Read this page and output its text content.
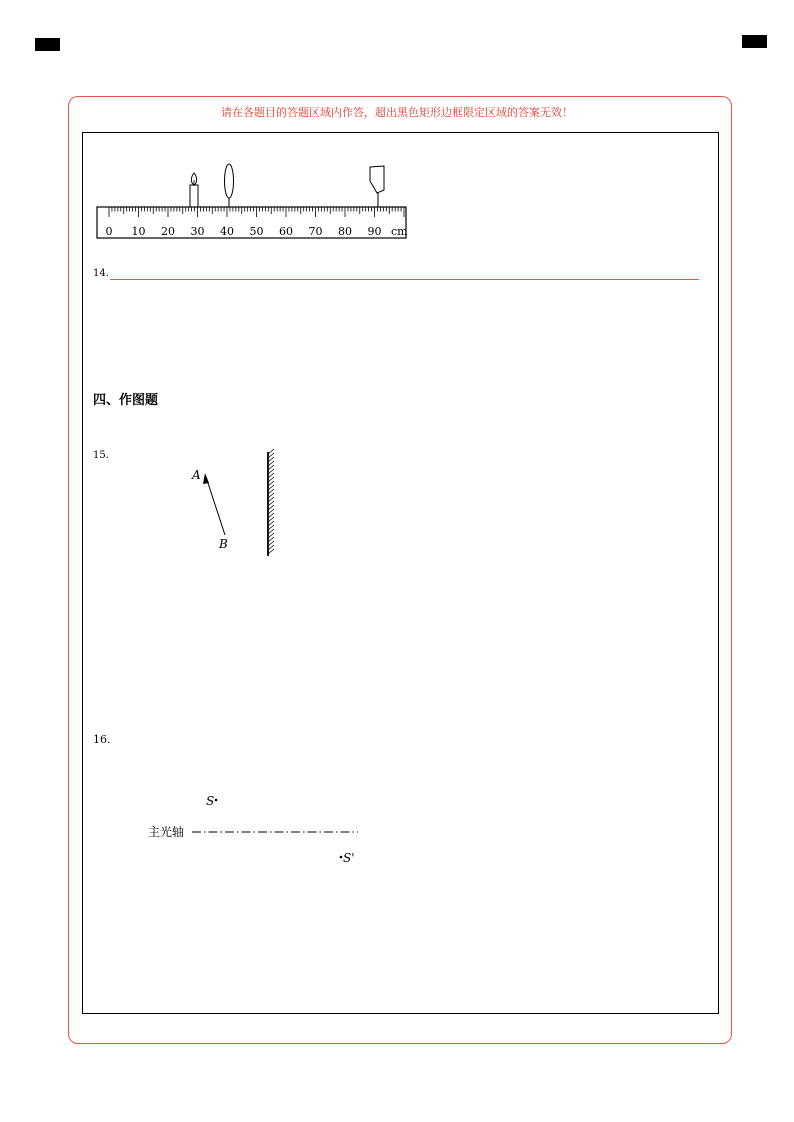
请在各题目的答题区域内作答，超出黑色矩形边框限定区域的答案无效！
0 10 20 30 40 50 60 70 80 90 cm
A
B
S
S'
14.
四、作图题
15.
16.
主光轴
